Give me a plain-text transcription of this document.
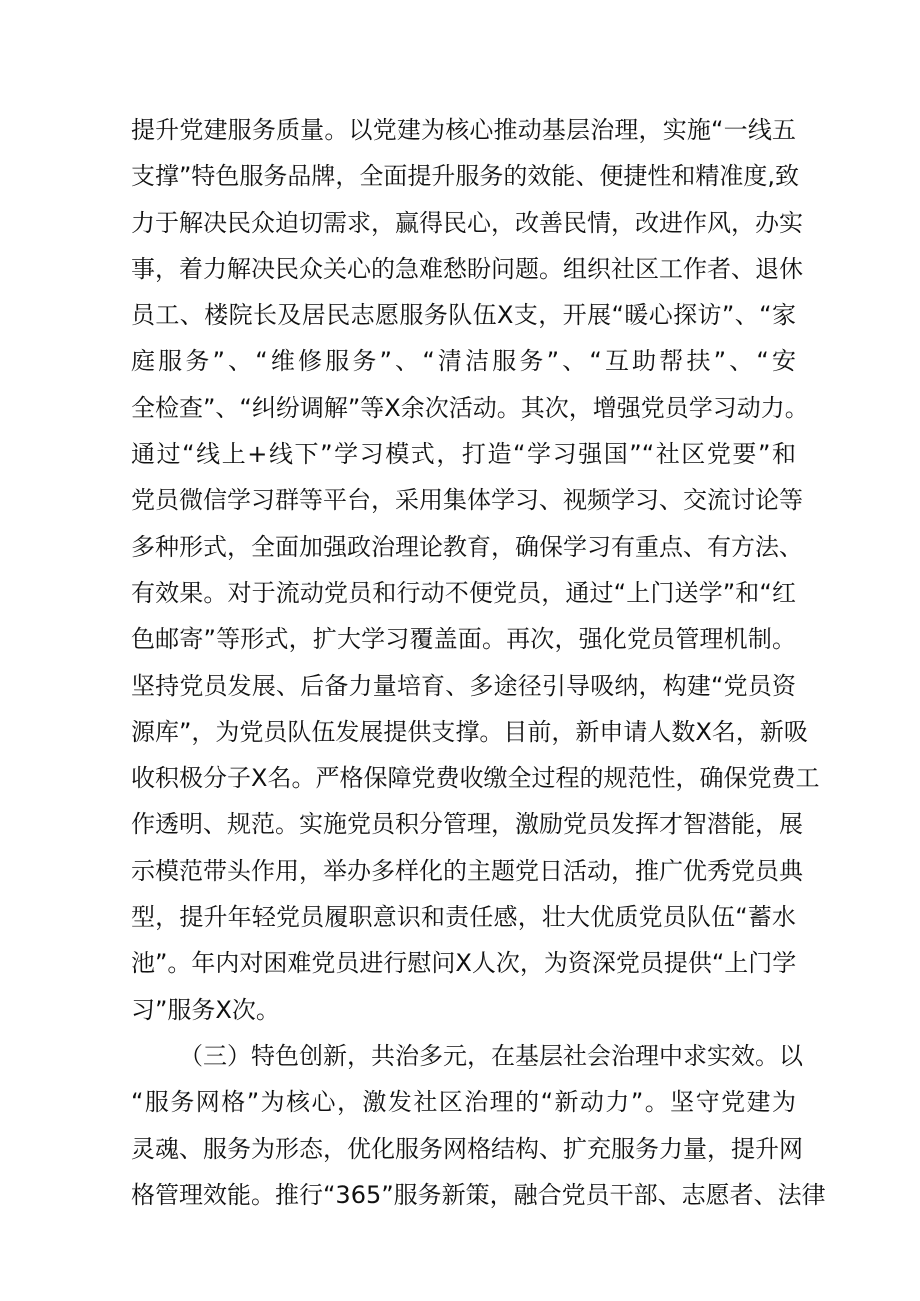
提升党建服务质量。以党建为核心推动基层治理，实施“一线五
支撑”特色服务品牌，全面提升服务的效能、便捷性和精准度,致
力于解决民众迫切需求，赢得民心，改善民情，改进作风，办实
事，着力解决民众关心的急难愁盼问题。组织社区工作者、退休
员工、楼院长及居民志愿服务队伍X支，开展“暖心探访”、“家
庭服务”、“维修服务”、“清洁服务”、“互助帮扶”、“安
全检查”、“纠纷调解”等X余次活动。其次，增强党员学习动力。
通过“线上+线下”学习模式，打造“学习强国”“社区党要”和
党员微信学习群等平台，采用集体学习、视频学习、交流讨论等
多种形式，全面加强政治理论教育，确保学习有重点、有方法、
有效果。对于流动党员和行动不便党员，通过“上门送学”和“红
色邮寄”等形式，扩大学习覆盖面。再次，强化党员管理机制。
坚持党员发展、后备力量培育、多途径引导吸纳，构建“党员资
源库”，为党员队伍发展提供支撑。目前，新申请人数X名，新吸
收积极分子X名。严格保障党费收缴全过程的规范性，确保党费工
作透明、规范。实施党员积分管理，激励党员发挥才智潜能，展
示模范带头作用，举办多样化的主题党日活动，推广优秀党员典
型，提升年轻党员履职意识和责任感，壮大优质党员队伍“蓄水
池”。年内对困难党员进行慰问X人次，为资深党员提供“上门学
习”服务X次。
（三）特色创新，共治多元，在基层社会治理中求实效。以
“服务网格”为核心，激发社区治理的“新动力”。坚守党建为
灵魂、服务为形态，优化服务网格结构、扩充服务力量，提升网
格管理效能。推行“365”服务新策，融合党员干部、志愿者、法律
